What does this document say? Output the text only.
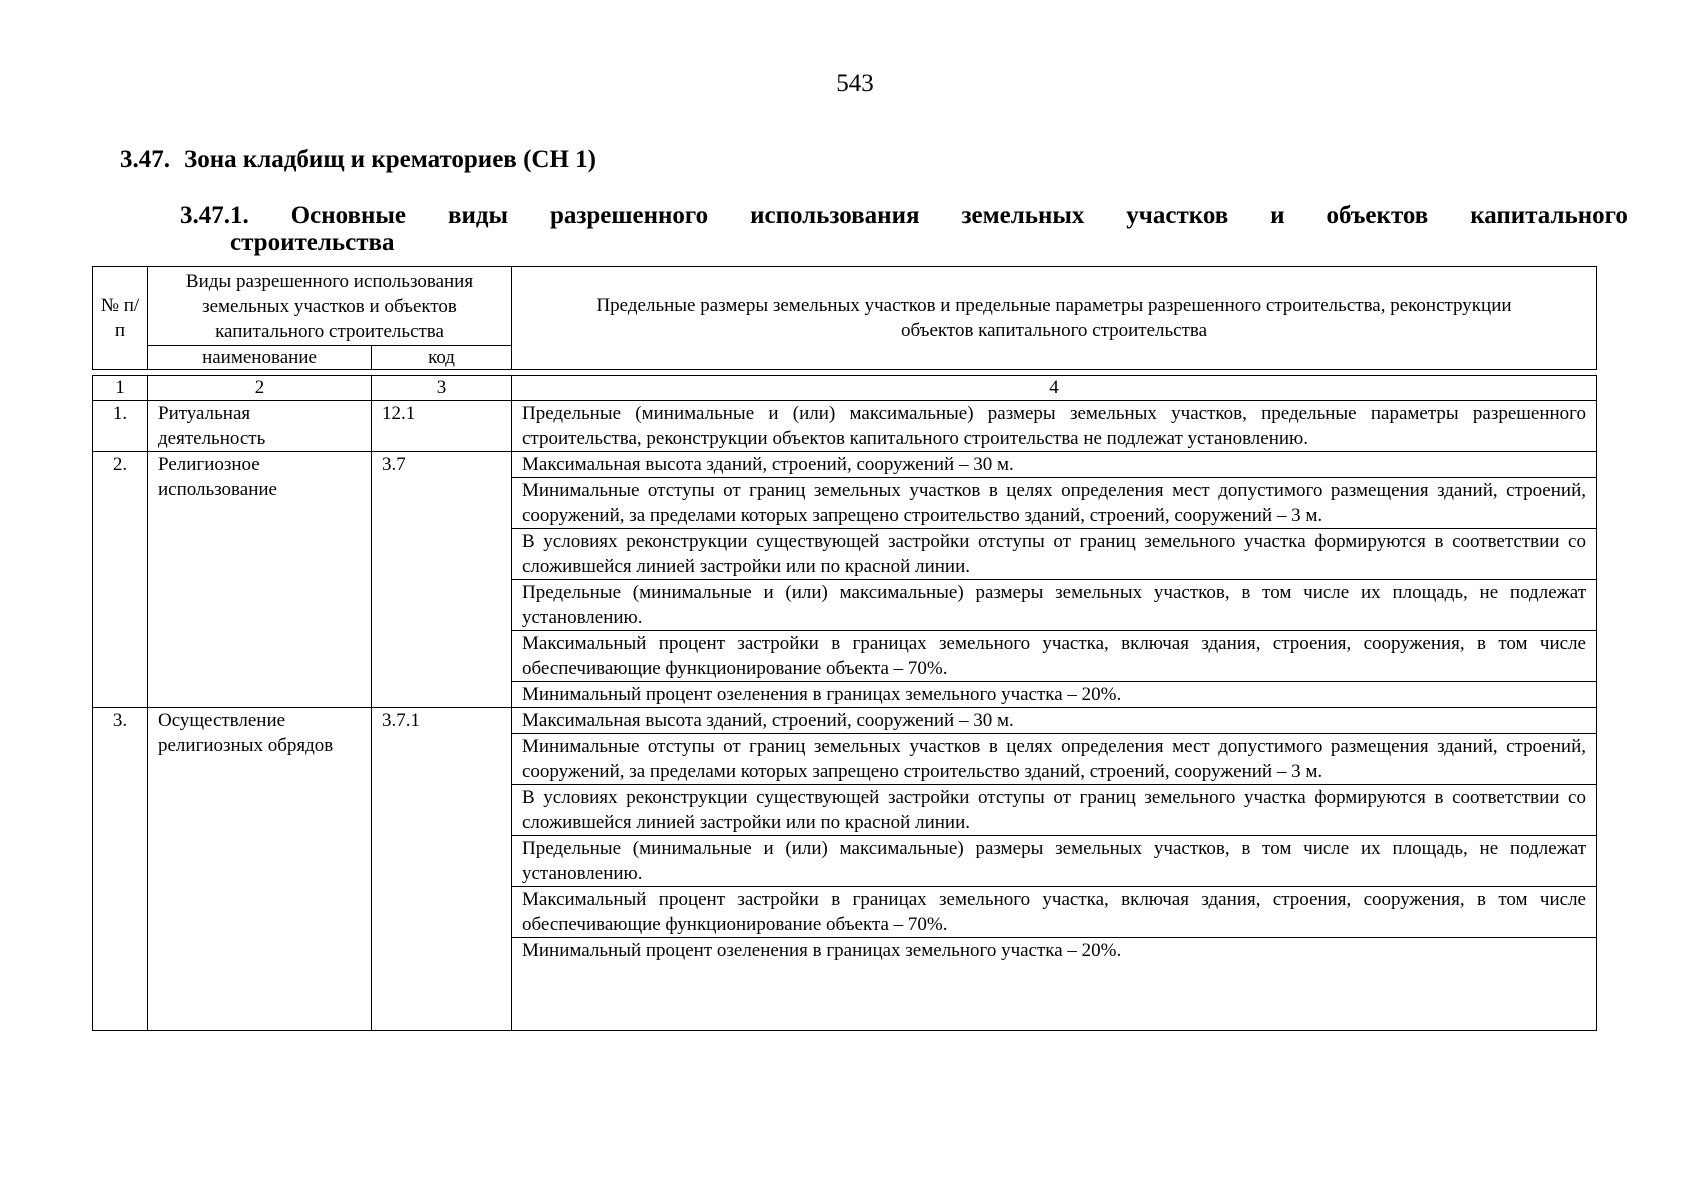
543
3.47. Зона кладбищ и крематориев (СН 1)
3.47.1. Основные виды разрешенного использования земельных участков и объектов капитального
строительства
№ п/п	Виды разрешенного использования земельных участков и объектов капитального строительства		Предельные размеры земельных участков и предельные параметры разрешенного строительства, реконструкции объектов капитального строительства
	наименование	код	
1	2	3	4
1.	Ритуальная деятельность	12.1	Предельные (минимальные и (или) максимальные) размеры земельных участков, предельные параметры разрешенного строительства, реконструкции объектов капитального строительства не подлежат установлению.
2.	Религиозное использование	3.7	Максимальная высота зданий, строений, сооружений – 30 м.
			Минимальные отступы от границ земельных участков в целях определения мест допустимого размещения зданий, строений, сооружений, за пределами которых запрещено строительство зданий, строений, сооружений – 3 м.
			В условиях реконструкции существующей застройки отступы от границ земельного участка формируются в соответствии со сложившейся линией застройки или по красной линии.
			Предельные (минимальные и (или) максимальные) размеры земельных участков, в том числе их площадь, не подлежат установлению.
			Максимальный процент застройки в границах земельного участка, включая здания, строения, сооружения, в том числе обеспечивающие функционирование объекта – 70%.
			Минимальный процент озеленения в границах земельного участка – 20%.
3.	Осуществление религиозных обрядов	3.7.1	Максимальная высота зданий, строений, сооружений – 30 м.
			Минимальные отступы от границ земельных участков в целях определения мест допустимого размещения зданий, строений, сооружений, за пределами которых запрещено строительство зданий, строений, сооружений – 3 м.
			В условиях реконструкции существующей застройки отступы от границ земельного участка формируются в соответствии со сложившейся линией застройки или по красной линии.
			Предельные (минимальные и (или) максимальные) размеры земельных участков, в том числе их площадь, не подлежат установлению.
			Максимальный процент застройки в границах земельного участка, включая здания, строения, сооружения, в том числе обеспечивающие функционирование объекта – 70%.
			Минимальный процент озеленения в границах земельного участка – 20%.
